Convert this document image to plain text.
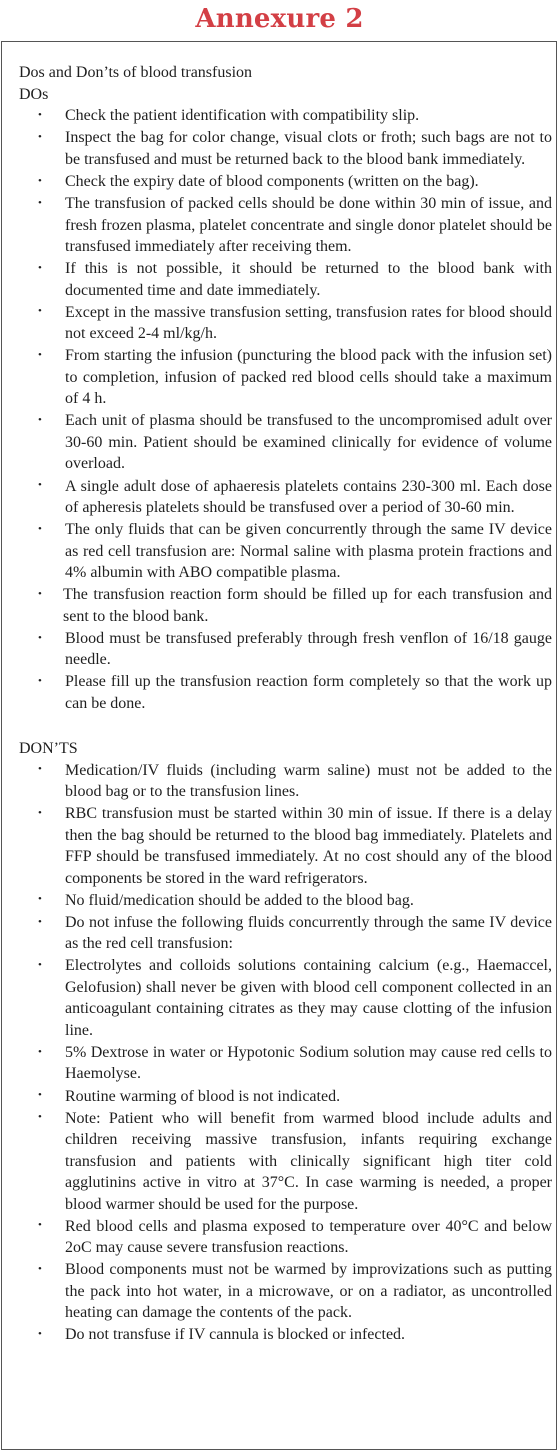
Annexure 2
Dos and Don’ts of blood transfusion
DOs
• Check the patient identification with compatibility slip.
• Inspect the bag for color change, visual clots or froth; such bags are not to be transfused and must be returned back to the blood bank immediately.
• Check the expiry date of blood components (written on the bag).
• The transfusion of packed cells should be done within 30 min of issue, and fresh frozen plasma, platelet concentrate and single donor platelet should be transfused immediately after receiving them.
• If this is not possible, it should be returned to the blood bank with documented time and date immediately.
• Except in the massive transfusion setting, transfusion rates for blood should not exceed 2-4 ml/kg/h.
• From starting the infusion (puncturing the blood pack with the infusion set) to completion, infusion of packed red blood cells should take a maximum of 4 h.
• Each unit of plasma should be transfused to the uncompromised adult over 30-60 min. Patient should be examined clinically for evidence of volume overload.
• A single adult dose of aphaeresis platelets contains 230-300 ml. Each dose of apheresis platelets should be transfused over a period of 30-60 min.
• The only fluids that can be given concurrently through the same IV device as red cell transfusion are: Normal saline with plasma protein fractions and 4% albumin with ABO compatible plasma.
• The transfusion reaction form should be filled up for each transfusion and sent to the blood bank.
• Blood must be transfused preferably through fresh venflon of 16/18 gauge needle.
• Please fill up the transfusion reaction form completely so that the work up can be done.
DON’TS
• Medication/IV fluids (including warm saline) must not be added to the blood bag or to the transfusion lines.
• RBC transfusion must be started within 30 min of issue. If there is a delay then the bag should be returned to the blood bag immediately. Platelets and FFP should be transfused immediately. At no cost should any of the blood components be stored in the ward refrigerators.
• No fluid/medication should be added to the blood bag.
• Do not infuse the following fluids concurrently through the same IV device as the red cell transfusion:
• Electrolytes and colloids solutions containing calcium (e.g., Haemaccel, Gelofusion) shall never be given with blood cell component collected in an anticoagulant containing citrates as they may cause clotting of the infusion line.
• 5% Dextrose in water or Hypotonic Sodium solution may cause red cells to Haemolyse.
• Routine warming of blood is not indicated.
• Note: Patient who will benefit from warmed blood include adults and children receiving massive transfusion, infants requiring exchange transfusion and patients with clinically significant high titer cold agglutinins active in vitro at 37°C. In case warming is needed, a proper blood warmer should be used for the purpose.
• Red blood cells and plasma exposed to temperature over 40°C and below 2oC may cause severe transfusion reactions.
• Blood components must not be warmed by improvizations such as putting the pack into hot water, in a microwave, or on a radiator, as uncontrolled heating can damage the contents of the pack.
• Do not transfuse if IV cannula is blocked or infected.
